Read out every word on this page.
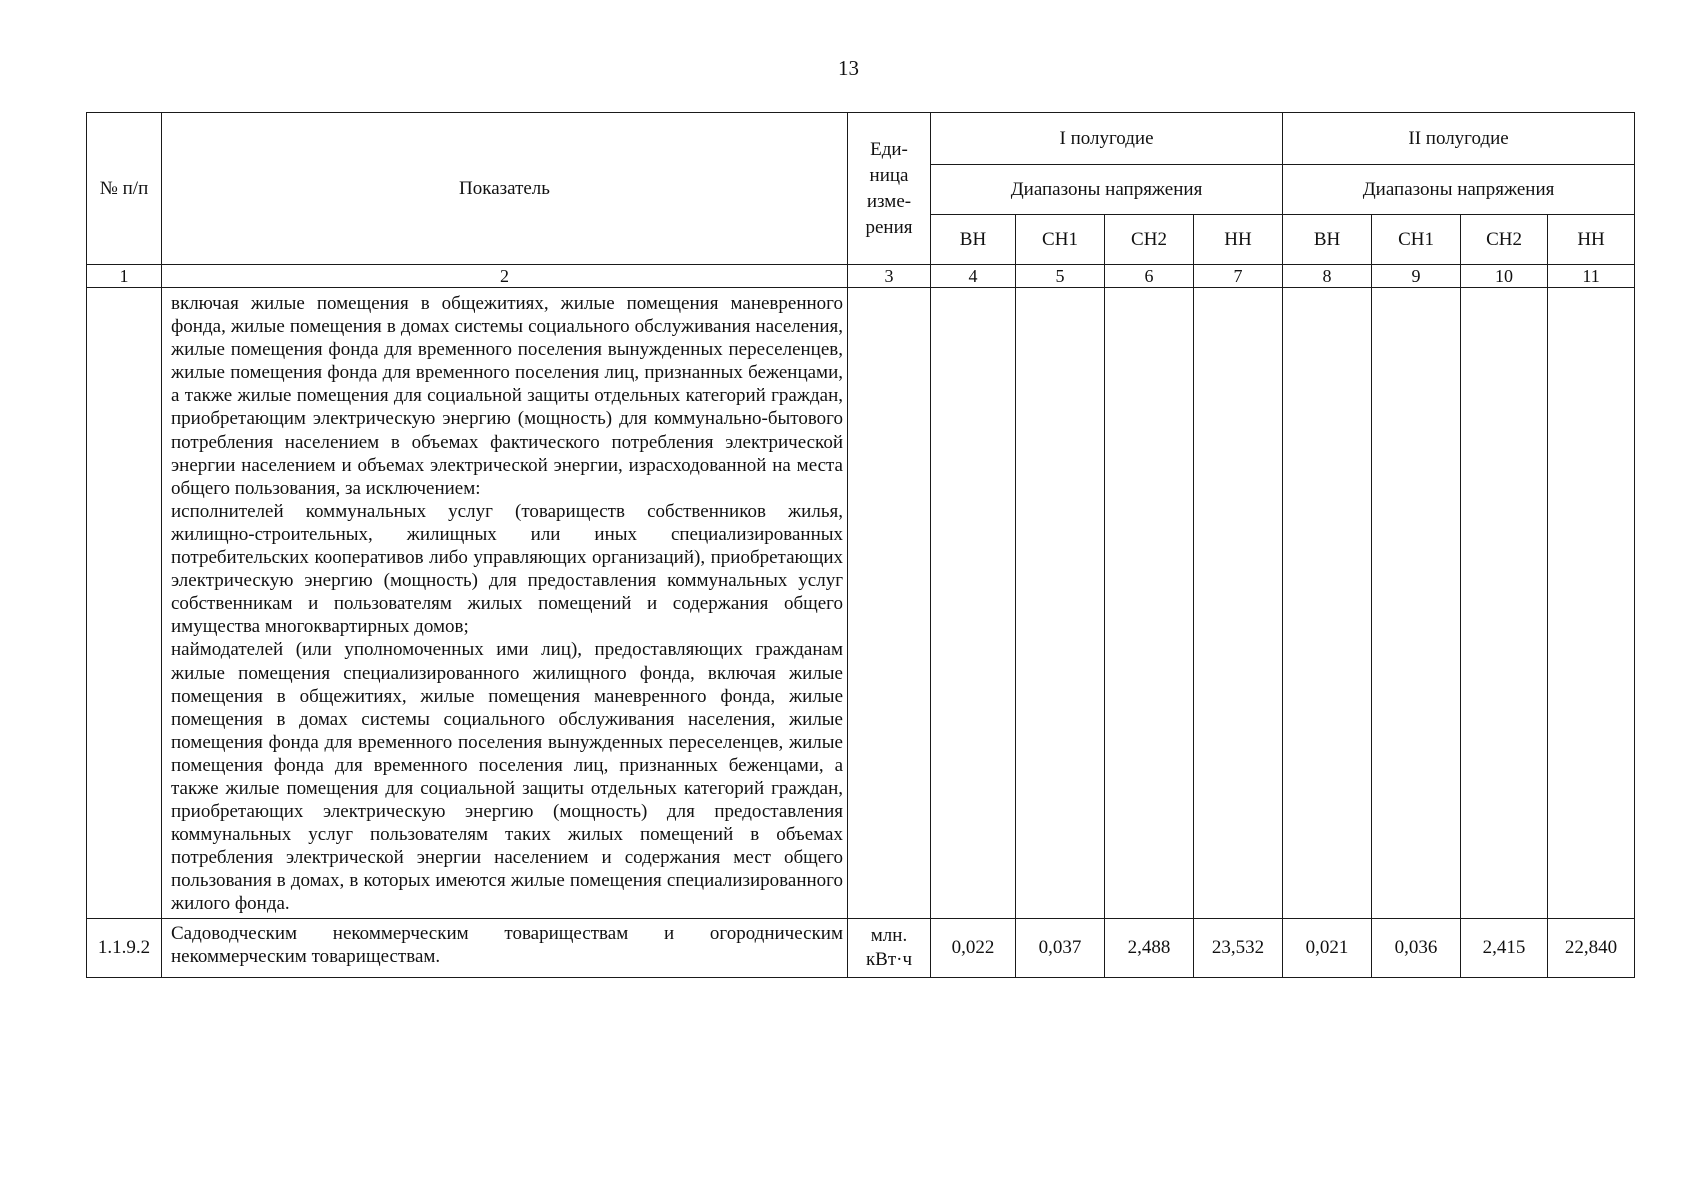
13
№ п/п	Показатель	Еди-
ница
изме-
рения	I полугодие				II полугодие			
			Диапазоны напряжения				Диапазоны напряжения			
			ВН	СН1	СН2	НН	ВН	СН1	СН2	НН
1	2	3	4	5	6	7	8	9	10	11

	включая жилые помещения в общежитиях, жилые помещения маневренного фонда, жилые помещения в домах системы социального обслуживания населения, жилые помещения фонда для временного поселения вынужденных переселенцев, жилые помещения фонда для временного поселения лиц, признанных беженцами, а также жилые помещения для социальной защиты отдельных категорий граждан, приобретающим электрическую энергию (мощность) для коммунально-бытового потребления населением в объемах фактического потребления электрической энергии населением и объемах электрической энергии, израсходованной на места общего пользования, за исключением:
исполнителей коммунальных услуг (товариществ собственников жилья, жилищно-строительных, жилищных или иных специализированных потребительских кооперативов либо управляющих организаций), приобретающих электрическую энергию (мощность) для предоставления коммунальных услуг собственникам и пользователям жилых помещений и содержания общего имущества многоквартирных домов;
наймодателей (или уполномоченных ими лиц), предоставляющих гражданам жилые помещения специализированного жилищного фонда, включая жилые помещения в общежитиях, жилые помещения маневренного фонда, жилые помещения в домах системы социального обслуживания населения, жилые помещения фонда для временного поселения вынужденных переселенцев, жилые помещения фонда для временного поселения лиц, признанных беженцами, а также жилые помещения для социальной защиты отдельных категорий граждан, приобретающих электрическую энергию (мощность) для предоставления коммунальных услуг пользователям таких жилых помещений в объемах потребления электрической энергии населением и содержания мест общего пользования в домах, в которых имеются жилые помещения специализированного жилого фонда.									

1.1.9.2	Садоводческим некоммерческим товариществам и огородническим некоммерческим товариществам.	млн.
кВт·ч	0,022	0,037	2,488	23,532	0,021	0,036	2,415	22,840
